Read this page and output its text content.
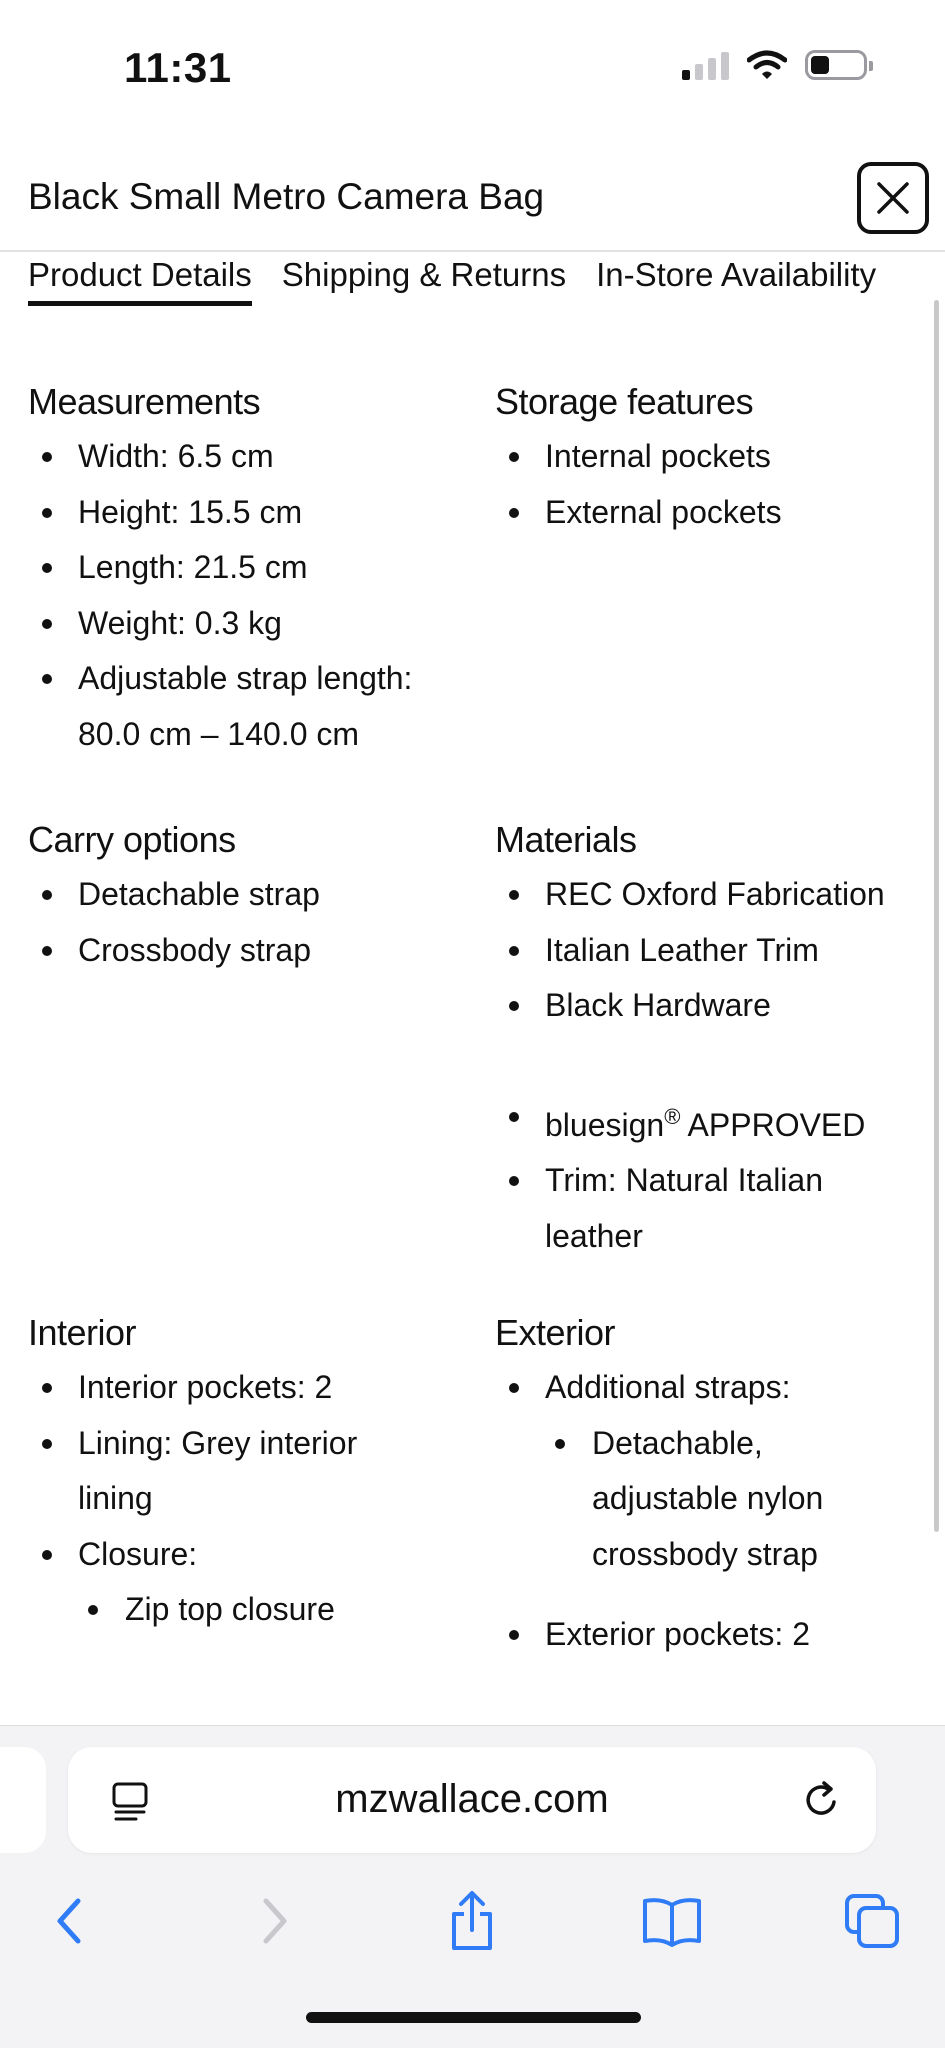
11:31
Black Small Metro Camera Bag
Product Details Shipping & Returns In-Store Availability
Measurements
Width: 6.5 cm
Height: 15.5 cm
Length: 21.5 cm
Weight: 0.3 kg
Adjustable strap length:
80.0 cm – 140.0 cm
Storage features
Internal pockets
External pockets
Carry options
Detachable strap
Crossbody strap
Materials
REC Oxford Fabrication
Italian Leather Trim
Black Hardware
bluesign® APPROVED
Trim: Natural Italian
leather
Interior
Interior pockets: 2
Lining: Grey interior
lining
Closure:
Zip top closure
Exterior
Additional straps:
Detachable,
adjustable nylon
crossbody strap
Exterior pockets: 2
mzwallace.com
